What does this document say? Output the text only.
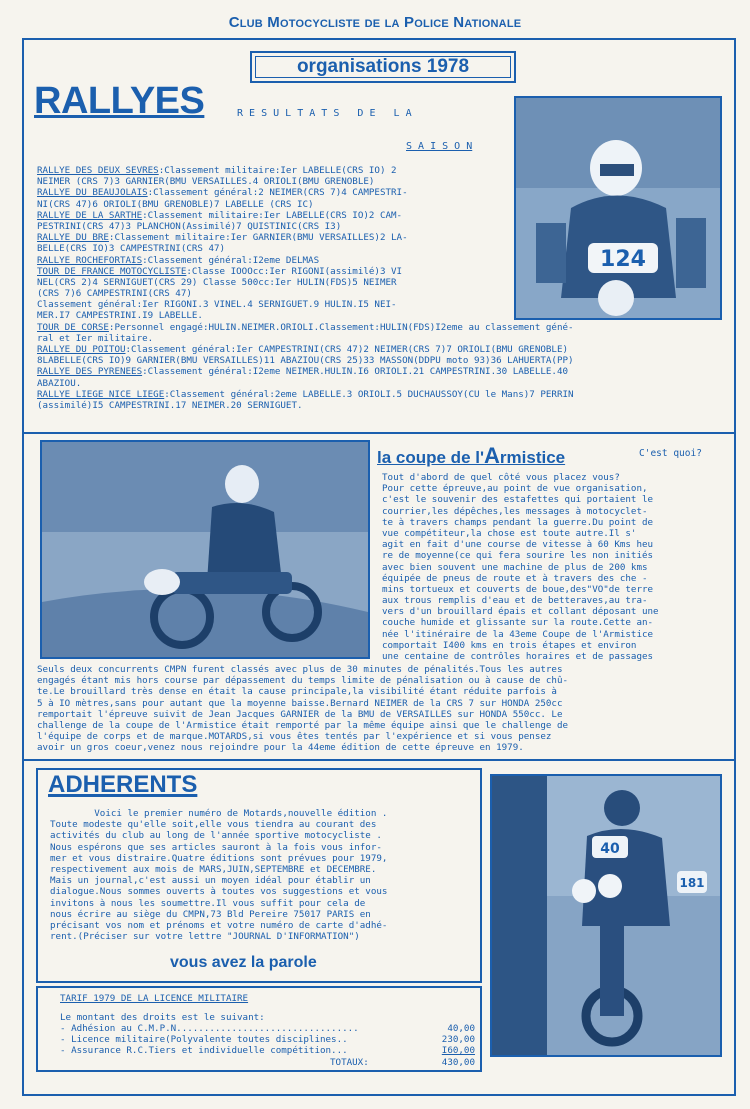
Club Motocycliste de la Police Nationale
organisations 1978
RALLYES	R E S U L T A T S   D E   L A
S A I S O N
124
RALLYE DES DEUX SEVRES:Classement militaire:Ier LABELLE(CRS IO) 2
NEIMER (CRS 7)3 GARNIER(BMU VERSAILLES.4 ORIOLI(BMU GRENOBLE)
RALLYE DU BEAUJOLAIS:Classement général:2 NEIMER(CRS 7)4 CAMPESTRI-
NI(CRS 47)6 ORIOLI(BMU GRENOBLE)7 LABELLE (CRS IC)
RALLYE DE LA SARTHE:Classement militaire:Ier LABELLE(CRS IO)2 CAM-
PESTRINI(CRS 47)3 PLANCHON(Assimilé)7 QUISTINIC(CRS I3)
RALLYE DU BRE:Classement militaire:Ier GARNIER(BMU VERSAILLES)2 LA-
BELLE(CRS IO)3 CAMPESTRINI(CRS 47)
RALLYE ROCHEFORTAIS:Classement général:I2eme DELMAS
TOUR DE FRANCE MOTOCYCLISTE:Classe IOOOcc:Ier RIGONI(assimilé)3 VI
NEL(CRS 2)4 SERNIGUET(CRS 29) Classe 500cc:Ier HULIN(FDS)5 NEIMER
(CRS 7)6 CAMPESTRINI(CRS 47)
Classement général:Ier RIGONI.3 VINEL.4 SERNIGUET.9 HULIN.I5 NEI-
MER.I7 CAMPESTRINI.I9 LABELLE.
TOUR DE CORSE:Personnel engagé:HULIN.NEIMER.ORIOLI.Classement:HULIN(FDS)I2eme au classement géné-
ral et Ier militaire.
RALLYE DU POITOU:Classement général:Ier CAMPESTRINI(CRS 47)2 NEIMER(CRS 7)7 ORIOLI(BMU GRENOBLE)
8LABELLE(CRS IO)9 GARNIER(BMU VERSAILLES)11 ABAZIOU(CRS 25)33 MASSON(DDPU moto 93)36 LAHUERTA(PP)
RALLYE DES PYRENEES:Classement général:I2eme NEIMER.HULIN.I6 ORIOLI.21 CAMPESTRINI.30 LABELLE.40
ABAZIOU.
RALLYE LIEGE NICE LIEGE:Classement général:2eme LABELLE.3 ORIOLI.5 DUCHAUSSOY(CU le Mans)7 PERRIN
(assimilé)I5 CAMPESTRINI.17 NEIMER.20 SERNIGUET.
la coupe de l'Armistice	C'est quoi?
Tout d'abord de quel côté vous placez vous?
Pour cette épreuve,au point de vue organisation,
c'est le souvenir des estafettes qui portaient le
courrier,les dépêches,les messages à motocyclet-
te à travers champs pendant la guerre.Du point de
vue compétiteur,la chose est toute autre.Il s'
agit en fait d'une course de vitesse à 60 Kms heu
re de moyenne(ce qui fera sourire les non initiés
avec bien souvent une machine de plus de 200 kms
équipée de pneus de route et à travers des che -
mins tortueux et couverts de boue,des"VO"de terre
aux trous remplis d'eau et de betteraves,au tra-
vers d'un brouillard épais et collant déposant une
couche humide et glissante sur la route.Cette an-
née l'itinéraire de la 43eme Coupe de l'Armistice
comportait I400 kms en trois étapes et environ
une centaine de contrôles horaires et de passages
Seuls deux concurrents CMPN furent classés avec plus de 30 minutes de pénalités.Tous les autres
engagés étant mis hors course par dépassement du temps limite de pénalisation ou à cause de chû-
te.Le brouillard très dense en était la cause principale,la visibilité étant réduite parfois à
5 à IO mètres,sans pour autant que la moyenne baisse.Bernard NEIMER de la CRS 7 sur HONDA 250cc
remportait l'épreuve suivit de Jean Jacques GARNIER de la BMU de VERSAILLES sur HONDA 550cc. Le
challenge de la coupe de l'Armistice était remporté par la même équipe ainsi que le challenge de
l'équipe de corps et de marque.MOTARDS,si vous êtes tentés par l'expérience et si vous pensez
avoir un gros coeur,venez nous rejoindre pour la 44eme édition de cette épreuve en 1979.
ADHERENTS
Voici le premier numéro de Motards,nouvelle édition .
Toute modeste qu'elle soit,elle vous tiendra au courant des
activités du club au long de l'année sportive motocycliste .
Nous espérons que ses articles sauront à la fois vous infor-
mer et vous distraire.Quatre éditions sont prévues pour 1979,
respectivement aux mois de MARS,JUIN,SEPTEMBRE et DECEMBRE.
Mais un journal,c'est aussi un moyen idéal pour établir un
dialogue.Nous sommes ouverts à toutes vos suggestions et vous
invitons à nous les soumettre.Il vous suffit pour cela de
nous écrire au siège du CMPN,73 Bld Pereire 75017 PARIS en
précisant vos nom et prénoms et votre numéro de carte d'adhé-
rent.(Préciser sur votre lettre "JOURNAL D'INFORMATION")
vous avez la parole
TARIF 1979 DE LA LICENCE MILITAIRE
Le montant des droits est le suivant:
- Adhésion au C.M.P.N.................................	40,00
- Licence militaire(Polyvalente toutes disciplines..	230,00
- Assurance R.C.Tiers et individuelle compétition...	I60,00
TOTAUX:	430,00
40
181
